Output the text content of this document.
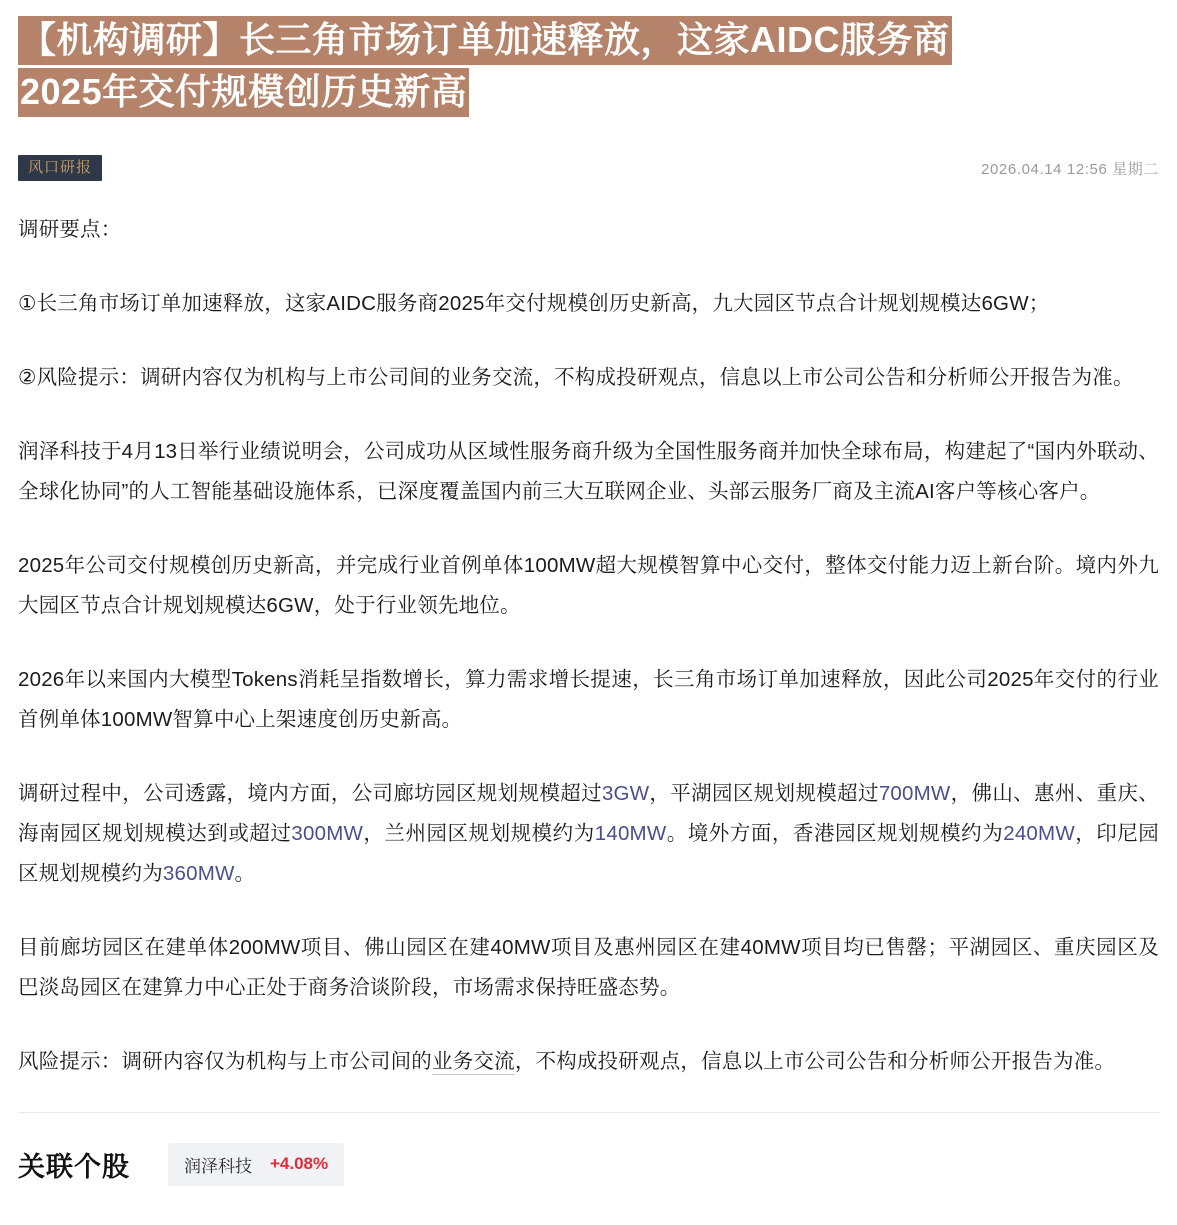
【机构调研】长三角市场订单加速释放，这家AIDC服务商
2025年交付规模创历史新高
风口研报	2026.04.14 12:56 星期二

调研要点：

①长三角市场订单加速释放，这家AIDC服务商2025年交付规模创历史新高，九大园区节点合计规划规模达6GW；

②风险提示：调研内容仅为机构与上市公司间的业务交流，不构成投研观点，信息以上市公司公告和分析师公开报告为准。

润泽科技于4月13日举行业绩说明会，公司成功从区域性服务商升级为全国性服务商并加快全球布局，构建起了“国内外联动、全球化协同”的人工智能基础设施体系，已深度覆盖国内前三大互联网企业、头部云服务厂商及主流AI客户等核心客户。

2025年公司交付规模创历史新高，并完成行业首例单体100MW超大规模智算中心交付，整体交付能力迈上新台阶。境内外九大园区节点合计规划规模达6GW，处于行业领先地位。

2026年以来国内大模型Tokens消耗呈指数增长，算力需求增长提速，长三角市场订单加速释放，因此公司2025年交付的行业首例单体100MW智算中心上架速度创历史新高。

调研过程中，公司透露，境内方面，公司廊坊园区规划规模超过3GW，平湖园区规划规模超过700MW，佛山、惠州、重庆、海南园区规划规模达到或超过300MW，兰州园区规划规模约为140MW。境外方面，香港园区规划规模约为240MW，印尼园区规划规模约为360MW。

目前廊坊园区在建单体200MW项目、佛山园区在建40MW项目及惠州园区在建40MW项目均已售罄；平湖园区、重庆园区及巴淡岛园区在建算力中心正处于商务洽谈阶段，市场需求保持旺盛态势。

风险提示：调研内容仅为机构与上市公司间的业务交流，不构成投研观点，信息以上市公司公告和分析师公开报告为准。

关联个股	润泽科技 +4.08%
